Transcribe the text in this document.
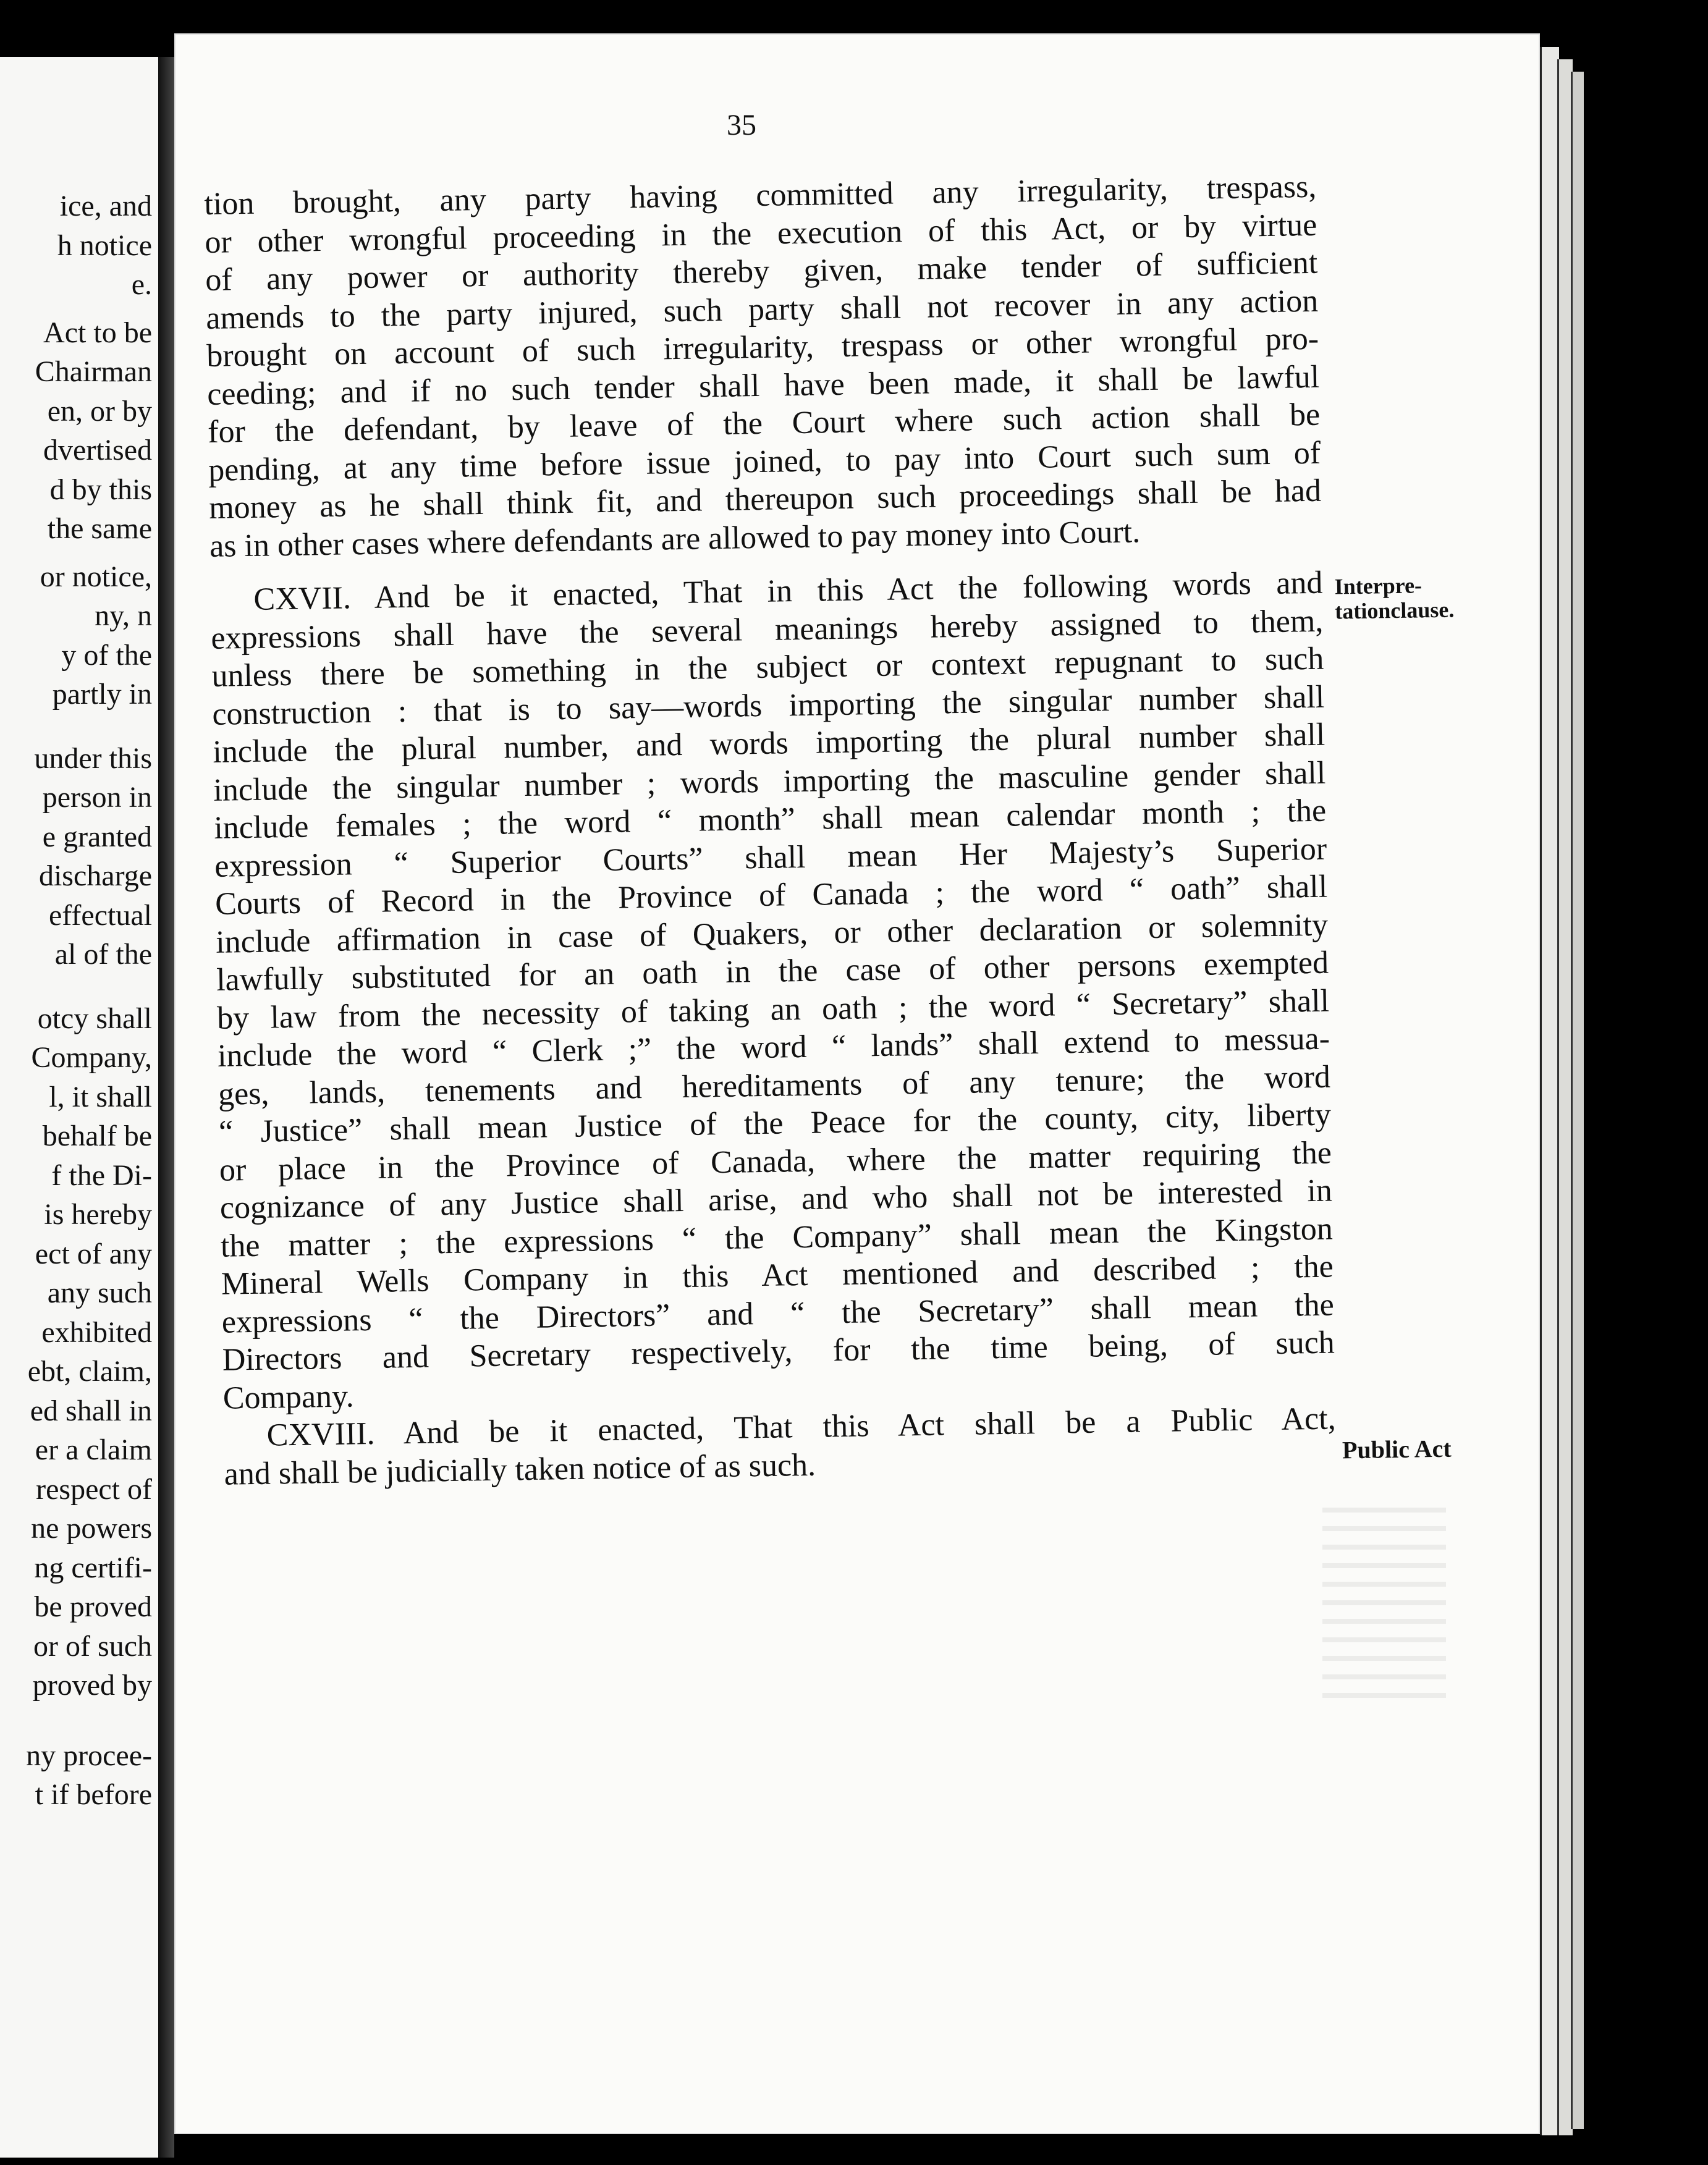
ice, and
h notice
e.
Act to be
Chairman
en, or by
dvertised
d by this
the same
or notice,
ny, n
y of the
partly in
under this
person in
e granted
discharge
effectual
al of the
otcy shall
Company,
l, it shall
behalf be
f the Di-
is hereby
ect of any
any such
exhibited
ebt, claim,
ed shall in
er a claim
respect of
ne powers
ng certifi-
be proved
or of such
proved by
ny procee-
t if before
35
tion brought, any party having committed any irregularity, trespass,
or other wrongful proceeding in the execution of this Act, or by virtue
of any power or authority thereby given, make tender of sufficient
amends to the party injured, such party shall not recover in any action
brought on account of such irregularity, trespass or other wrongful pro-
ceeding; and if no such tender shall have been made, it shall be lawful
for the defendant, by leave of the Court where such action shall be
pending, at any time before issue joined, to pay into Court such sum of
money as he shall think fit, and thereupon such proceedings shall be had
as in other cases where defendants are allowed to pay money into Court.
CXVII. And be it enacted, That in this Act the following words and
expressions shall have the several meanings hereby assigned to them,
unless there be something in the subject or context repugnant to such
construction : that is to say—words importing the singular number shall
include the plural number, and words importing the plural number shall
include the singular number ; words importing the masculine gender shall
include females ; the word “ month” shall mean calendar month ; the
expression “ Superior Courts” shall mean Her Majesty’s Superior
Courts of Record in the Province of Canada ; the word “ oath” shall
include affirmation in case of Quakers, or other declaration or solemnity
lawfully substituted for an oath in the case of other persons exempted
by law from the necessity of taking an oath ; the word “ Secretary” shall
include the word “ Clerk ;” the word “ lands” shall extend to messua-
ges, lands, tenements and hereditaments of any tenure; the word
“ Justice” shall mean Justice of the Peace for the county, city, liberty
or place in the Province of Canada, where the matter requiring the
cognizance of any Justice shall arise, and who shall not be interested in
the matter ; the expressions “ the Company” shall mean the Kingston
Mineral Wells Company in this Act mentioned and described ; the
expressions “ the Directors” and “ the Secretary” shall mean the
Directors and Secretary respectively, for the time being, of such
Company.
CXVIII. And be it enacted, That this Act shall be a Public Act,
and shall be judicially taken notice of as such.
Interpre-
tationclause.
Public Act
